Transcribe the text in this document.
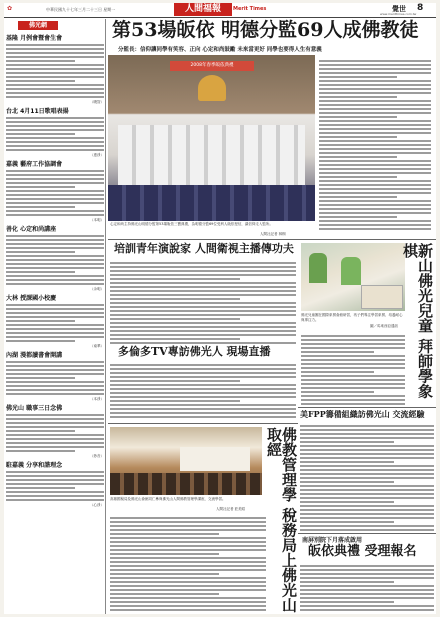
中華民國九十七年三月二十三日 星期一
✿	人間福報	Merit Times	覺世 8
www.merittimes.com.tw
佛光網
基隆 月例會暨會生會
（曉智）
台北 4月11日歌唱表揚
（惠淨）
嘉義 藝府工作協調會
（本明）
善化 心定和尚講座
（余明）
大林 授課國小校慶
（南華）
內湖 漫都讀書會開講
（本淨）
佛光山 職事三日念佛
（妙音）
駐嘉義 分享和諧理念
（心淨）
第53場皈依 明德分監69人成佛教徒
分監長：信仰讓同學有笑容、正向 心定和尚鼓勵 未來當更好 同學也要得人生有意義
2008年春季皈依典禮
心定和尚主持佛光山明德分監第53場皈依三寶典禮，為明德分監69位受刑人皈依授信，讓信仰走入監所。
人間社記者 林桐
培訓青年演說家 人間衛視主播傳功夫
佛光兒童團在國際象棋會館研習，孩子們專注學習象棋、培養耐心與專注力。
圖／馬來西亞通訊	新山佛光兒童 拜師學象棋
多倫多TV專訪佛光人 現場直播
美FPP籌備組織訪佛光山 交流經驗
佛教管理學 稅務局上佛光山取經
高雄國稅局及佛光山會館同仁參與佛光山人間佛教管理學講座，交流學習。
人間社記者 莊美昭
南屏別院下月落成啟用
皈依典禮 受理報名
